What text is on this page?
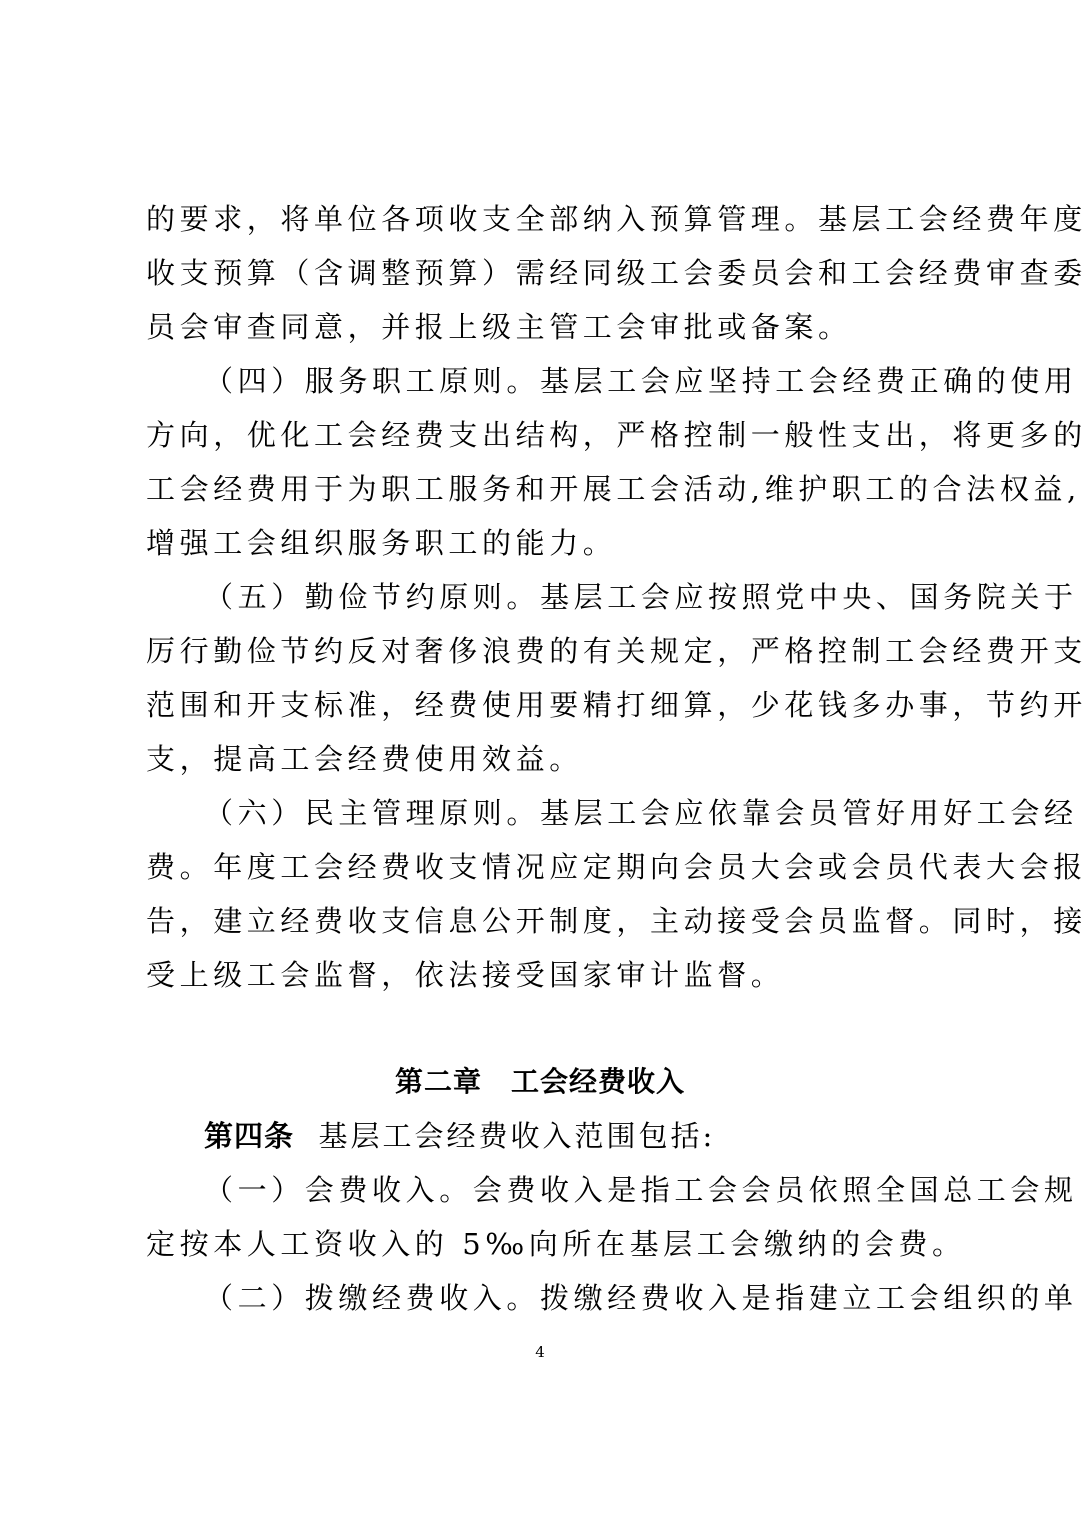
的要求，将单位各项收支全部纳入预算管理。基层工会经费年度
收支预算（含调整预算）需经同级工会委员会和工会经费审查委
员会审查同意，并报上级主管工会审批或备案。
（四）服务职工原则。基层工会应坚持工会经费正确的使用
方向，优化工会经费支出结构，严格控制一般性支出，将更多的
工会经费用于为职工服务和开展工会活动,维护职工的合法权益,
增强工会组织服务职工的能力。
（五）勤俭节约原则。基层工会应按照党中央、国务院关于
厉行勤俭节约反对奢侈浪费的有关规定，严格控制工会经费开支
范围和开支标准，经费使用要精打细算，少花钱多办事，节约开
支，提高工会经费使用效益。
（六）民主管理原则。基层工会应依靠会员管好用好工会经
费。年度工会经费收支情况应定期向会员大会或会员代表大会报
告，建立经费收支信息公开制度，主动接受会员监督。同时，接
受上级工会监督，依法接受国家审计监督。
第二章　工会经费收入
第四条 基层工会经费收入范围包括:
（一）会费收入。会费收入是指工会会员依照全国总工会规
定按本人工资收入的 5‰向所在基层工会缴纳的会费。
（二）拨缴经费收入。拨缴经费收入是指建立工会组织的单
4
